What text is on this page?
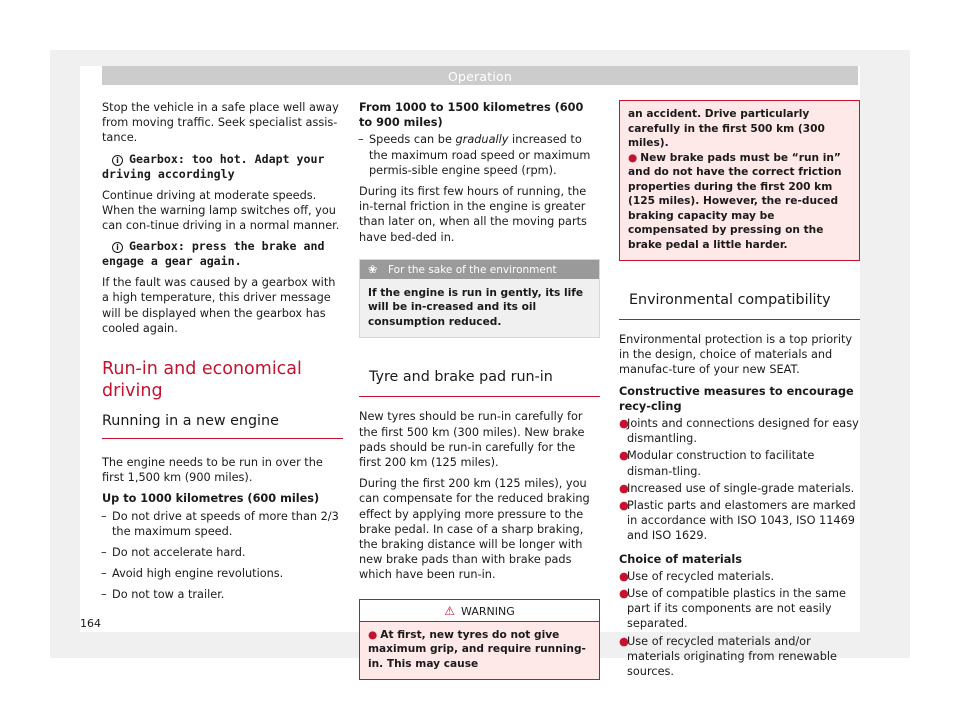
Operation

Stop the vehicle in a safe place well away from moving traffic. Seek specialist assis-tance.

i Gearbox: too hot. Adapt your driving accordingly

Continue driving at moderate speeds. When the warning lamp switches off, you can con-tinue driving in a normal manner.

i Gearbox: press the brake and engage a gear again.

If the fault was caused by a gearbox with a high temperature, this driver message will be displayed when the gearbox has cooled again.

Run-in and economical driving
Running in a new engine

The engine needs to be run in over the first 1,500 km (900 miles).

Up to 1000 kilometres (600 miles)

– Do not drive at speeds of more than 2/3 the maximum speed.
– Do not accelerate hard.
– Avoid high engine revolutions.
– Do not tow a trailer.

From 1000 to 1500 kilometres (600 to 900 miles)

– Speeds can be gradually increased to the maximum road speed or maximum permis-sible engine speed (rpm).

During its first few hours of running, the in-ternal friction in the engine is greater than later on, when all the moving parts have bed-ded in.

❀ For the sake of the environment
If the engine is run in gently, its life will be in-creased and its oil consumption reduced.
Tyre and brake pad run-in

New tyres should be run-in carefully for the first 500 km (300 miles). New brake pads should be run-in carefully for the first 200 km (125 miles).

During the first 200 km (125 miles), you can compensate for the reduced braking effect by applying more pressure to the brake pedal. In case of a sharp braking, the braking distance will be longer with new brake pads than with brake pads which have been run-in.

⚠ WARNING
● At first, new tyres do not give maximum grip, and require running-in. This may cause
an accident. Drive particularly carefully in the first 500 km (300 miles).
● New brake pads must be “run in” and do not have the correct friction properties during the first 200 km (125 miles). However, the re-duced braking capacity may be compensated by pressing on the brake pedal a little harder.
Environmental compatibility

Environmental protection is a top priority in the design, choice of materials and manufac-ture of your new SEAT.

Constructive measures to encourage recy-cling

●
Joints and connections designed for easy dismantling.
●
Modular construction to facilitate disman-tling.
●
Increased use of single-grade materials.
●
Plastic parts and elastomers are marked in accordance with ISO 1043, ISO 11469 and ISO 1629.

Choice of materials

●
Use of recycled materials.
●
Use of compatible plastics in the same part if its components are not easily separated.
●
Use of recycled materials and/or materials originating from renewable sources.
164
